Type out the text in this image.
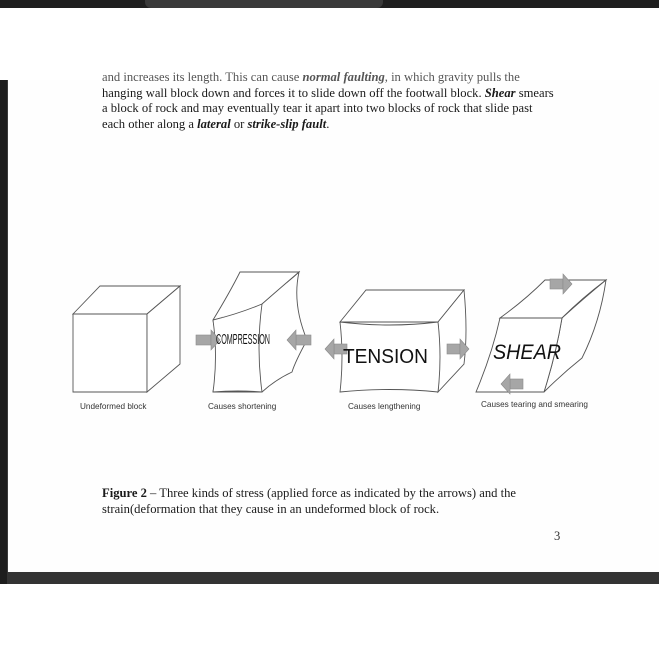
and increases its length. This can cause normal faulting, in which gravity pulls the
hanging wall block down and forces it to slide down off the footwall block. Shear smears
a block of rock and may eventually tear it apart into two blocks of rock that slide past
each other along a lateral or strike-slip fault.

COMPRESSION
TENSION	SHEAR
Undeformed block	Causes shortening	Causes lengthening	Causes tearing and smearing

Figure 2 – Three kinds of stress (applied force as indicated by the arrows) and the strain(deformation that they cause in an undeformed block of rock.

3
